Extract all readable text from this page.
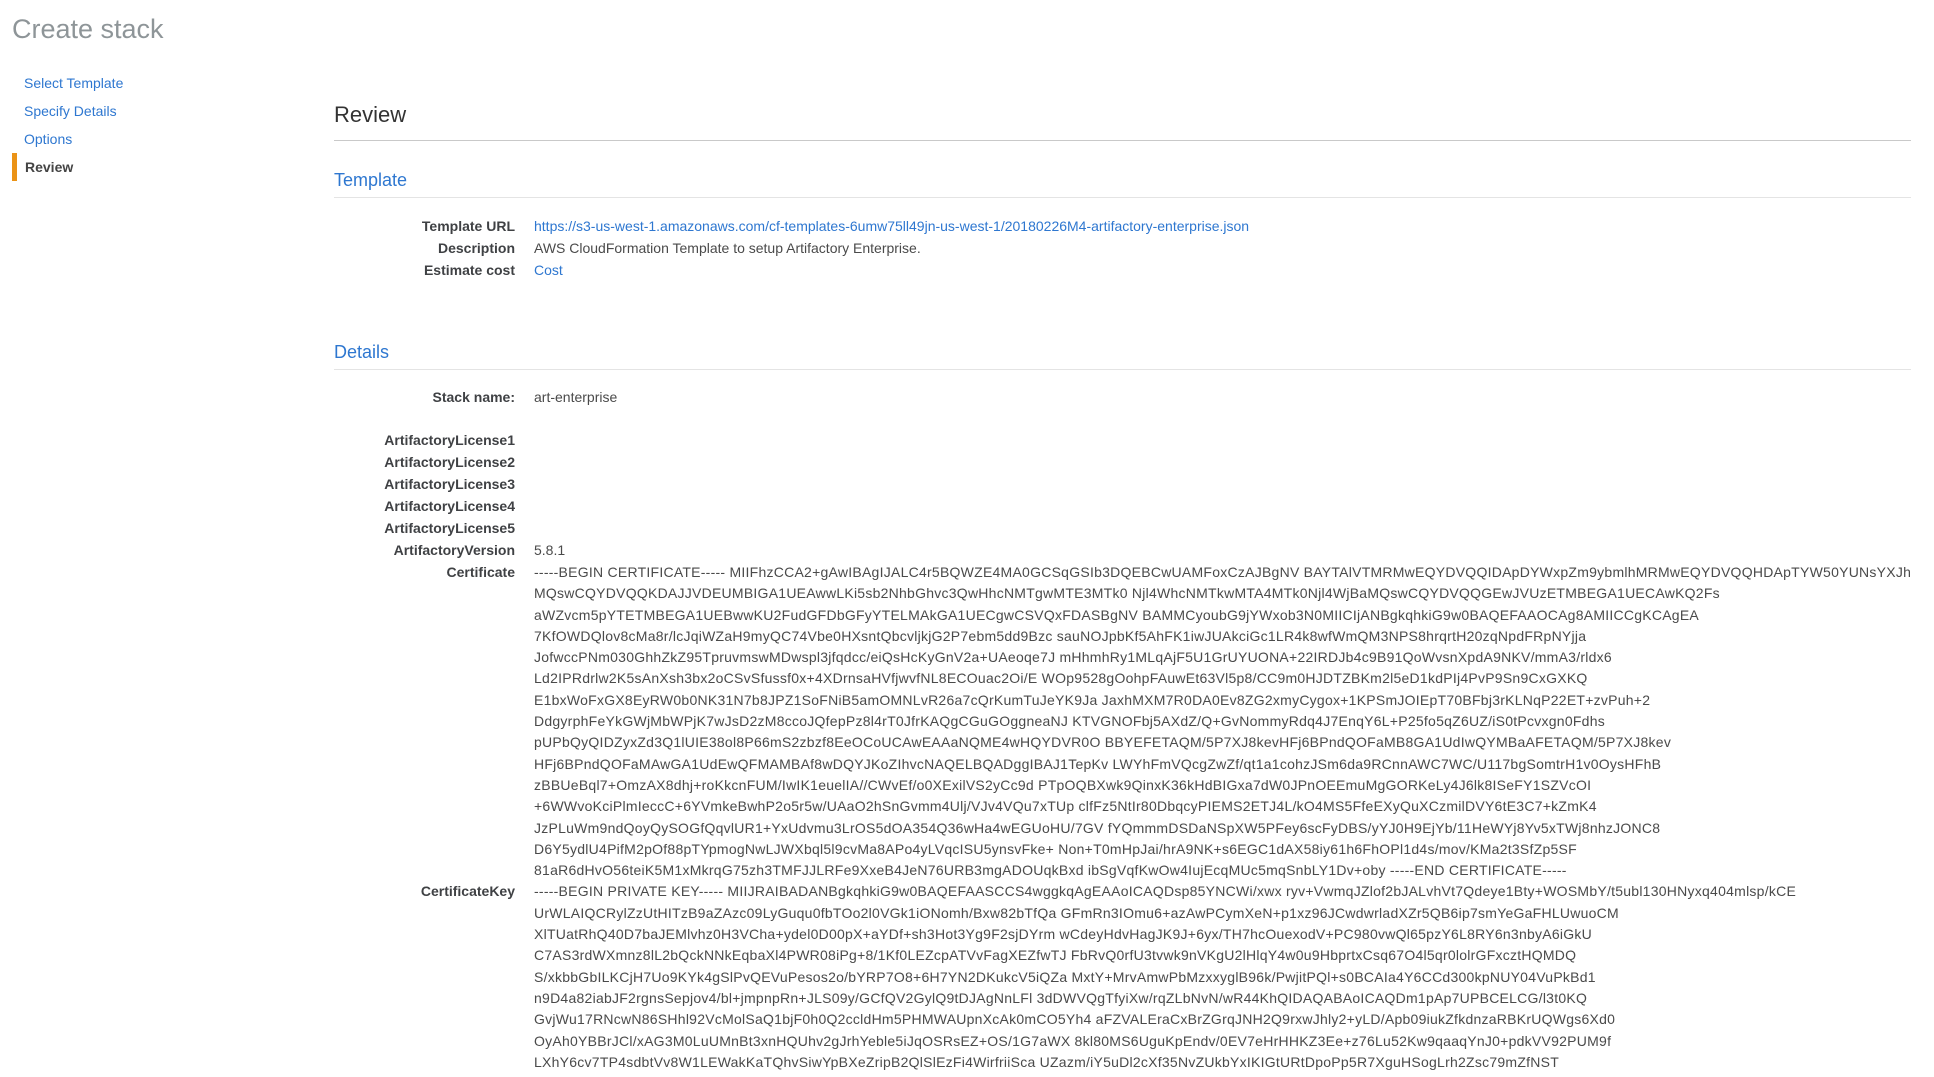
Create stack
Select Template
Specify Details
Options
Review
Review
Template
Template URL https://s3-us-west-1.amazonaws.com/cf-templates-6umw75ll49jn-us-west-1/20180226M4-artifactory-enterprise.json
Description AWS CloudFormation Template to setup Artifactory Enterprise.
Estimate cost Cost
Details
Stack name: art-enterprise
ArtifactoryLicense1
ArtifactoryLicense2
ArtifactoryLicense3
ArtifactoryLicense4
ArtifactoryLicense5
ArtifactoryVersion 5.8.1
Certificate -----BEGIN CERTIFICATE----- MIIFhzCCA2+gAwIBAgIJALC4r5BQWZE4MA0GCSqGSIb3DQEBCwUAMFoxCzAJBgNV BAYTAlVTMRMwEQYDVQQIDApDYWxpZm9ybmlhMRMwEQYDVQQHDApTYW50YUNsYXJh
MQswCQYDVQQKDAJJVDEUMBIGA1UEAwwLKi5sb2NhbGhvc3QwHhcNMTgwMTE3MTk0 Njl4WhcNMTkwMTA4MTk0Njl4WjBaMQswCQYDVQQGEwJVUzETMBEGA1UECAwKQ2Fs
aWZvcm5pYTETMBEGA1UEBwwKU2FudGFDbGFyYTELMAkGA1UECgwCSVQxFDASBgNV BAMMCyoubG9jYWxob3N0MIICIjANBgkqhkiG9w0BAQEFAAOCAg8AMIICCgKCAgEA
7KfOWDQlov8cMa8r/lcJqiWZaH9myQC74Vbe0HXsntQbcvljkjG2P7ebm5dd9Bzc sauNOJpbKf5AhFK1iwJUAkciGc1LR4k8wfWmQM3NPS8hrqrtH20zqNpdFRpNYjja
JofwccPNm030GhhZkZ95TpruvmswMDwspl3jfqdcc/eiQsHcKyGnV2a+UAeoqe7J mHhmhRy1MLqAjF5U1GrUYUONA+22IRDJb4c9B91QoWvsnXpdA9NKV/mmA3/rldx6
Ld2IPRdrlw2K5sAnXsh3bx2oCSvSfussf0x+4XDrnsaHVfjwvfNL8ECOuac2Oi/E WOp9528gOohpFAuwEt63Vl5p8/CC9m0HJDTZBKm2l5eD1kdPIj4PvP9Sn9CxGXKQ
E1bxWoFxGX8EyRW0b0NK31N7b8JPZ1SoFNiB5amOMNLvR26a7cQrKumTuJeYK9Ja JaxhMXM7R0DA0Ev8ZG2xmyCygox+1KPSmJOIEpT70BFbj3rKLNqP22ET+zvPuh+2
DdgyrphFeYkGWjMbWPjK7wJsD2zM8ccoJQfepPz8l4rT0JfrKAQgCGuGOggneaNJ KTVGNOFbj5AXdZ/Q+GvNommyRdq4J7EnqY6L+P25fo5qZ6UZ/iS0tPcvxgn0Fdhs
pUPbQyQIDZyxZd3Q1lUIE38ol8P66mS2zbzf8EeOCoUCAwEAAaNQME4wHQYDVR0O BBYEFETAQM/5P7XJ8kevHFj6BPndQOFaMB8GA1UdIwQYMBaAFETAQM/5P7XJ8kev
HFj6BPndQOFaMAwGA1UdEwQFMAMBAf8wDQYJKoZIhvcNAQELBQADggIBAJ1TepKv LWYhFmVQcgZwZf/qt1a1cohzJSm6da9RCnnAWC7WC/U117bgSomtrH1v0OysHFhB
zBBUeBql7+OmzAX8dhj+roKkcnFUM/IwIK1euelIA//CWvEf/o0XExilVS2yCc9d PTpOQBXwk9QinxK36kHdBIGxa7dW0JPnOEEmuMgGORKeLy4J6lk8ISeFY1SZVcOI
+6WWvoKciPlmIeccC+6YVmkeBwhP2o5r5w/UAaO2hSnGvmm4Ulj/VJv4VQu7xTUp clfFz5NtIr80DbqcyPIEMS2ETJ4L/kO4MS5FfeEXyQuXCzmilDVY6tE3C7+kZmK4
JzPLuWm9ndQoyQySOGfQqvlUR1+YxUdvmu3LrOS5dOA354Q36wHa4wEGUoHU/7GV fYQmmmDSDaNSpXW5PFey6scFyDBS/yYJ0H9EjYb/11HeWYj8Yv5xTWj8nhzJONC8
D6Y5ydlU4PifM2pOf88pTYpmogNwLJWXbql5l9cvMa8APo4yLVqcISU5ynsvFke+ Non+T0mHpJai/hrA9NK+s6EGC1dAX58iy61h6FhOPl1d4s/mov/KMa2t3SfZp5SF
81aR6dHvO56teiK5M1xMkrqG75zh3TMFJJLRFe9XxeB4JeN76URB3mgADOUqkBxd ibSgVqfKwOw4IujEcqMUc5mqSnbLY1Dv+oby -----END CERTIFICATE-----
CertificateKey -----BEGIN PRIVATE KEY----- MIIJRAIBADANBgkqhkiG9w0BAQEFAASCCS4wggkqAgEAAoICAQDsp85YNCWi/xwx ryv+VwmqJZlof2bJALvhVt7Qdeye1Bty+WOSMbY/t5ubl130HNyxq404mlsp/kCE
UrWLAIQCRylZzUtHITzB9aZAzc09LyGuqu0fbTOo2l0VGk1iONomh/Bxw82bTfQa GFmRn3IOmu6+azAwPCymXeN+p1xz96JCwdwrladXZr5QB6ip7smYeGaFHLUwuoCM
XlTUatRhQ40D7baJEMlvhz0H3VCha+ydel0D00pX+aYDf+sh3Hot3Yg9F2sjDYrm wCdeyHdvHagJK9J+6yx/TH7hcOuexodV+PC980vwQl65pzY6L8RY6n3nbyA6iGkU
C7AS3rdWXmnz8lL2bQckNNkEqbaXl4PWR08iPg+8/1Kf0LEZcpATVvFagXEZfwTJ FbRvQ0rfU3tvwk9nVKgU2lHlqY4w0u9HbprtxCsq67O4l5qr0lolrGFxcztHQMDQ
S/xkbbGbILKCjH7Uo9KYk4gSlPvQEVuPesos2o/bYRP7O8+6H7YN2DKukcV5iQZa MxtY+MrvAmwPbMzxxyglB96k/PwjitPQl+s0BCAIa4Y6CCd300kpNUY04VuPkBd1
n9D4a82iabJF2rgnsSepjov4/bl+jmpnpRn+JLS09y/GCfQV2GylQ9tDJAgNnLFl 3dDWVQgTfyiXw/rqZLbNvN/wR44KhQIDAQABAoICAQDm1pAp7UPBCELCG/l3t0KQ
GvjWu17RNcwN86SHhl92VcMolSaQ1bjF0h0Q2ccldHm5PHMWAUpnXcAk0mCO5Yh4 aFZVALEraCxBrZGrqJNH2Q9rxwJhly2+yLD/Apb09iukZfkdnzaRBKrUQWgs6Xd0
OyAh0YBBrJCl/xAG3M0LuUMnBt3xnHQUhv2gJrhYeble5iJqOSRsEZ+OS/1G7aWX 8kl80MS6UguKpEndv/0EV7eHrHHKZ3Ee+z76Lu52Kw9qaaqYnJ0+pdkVV92PUM9f
LXhY6cv7TP4sdbtVv8W1LEWakKaTQhvSiwYpBXeZripB2QlSlEzFi4WirfriiSca UZazm/iY5uDl2cXf35NvZUkbYxIKIGtURtDpoPp5R7XguHSogLrh2Zsc79mZfNST
